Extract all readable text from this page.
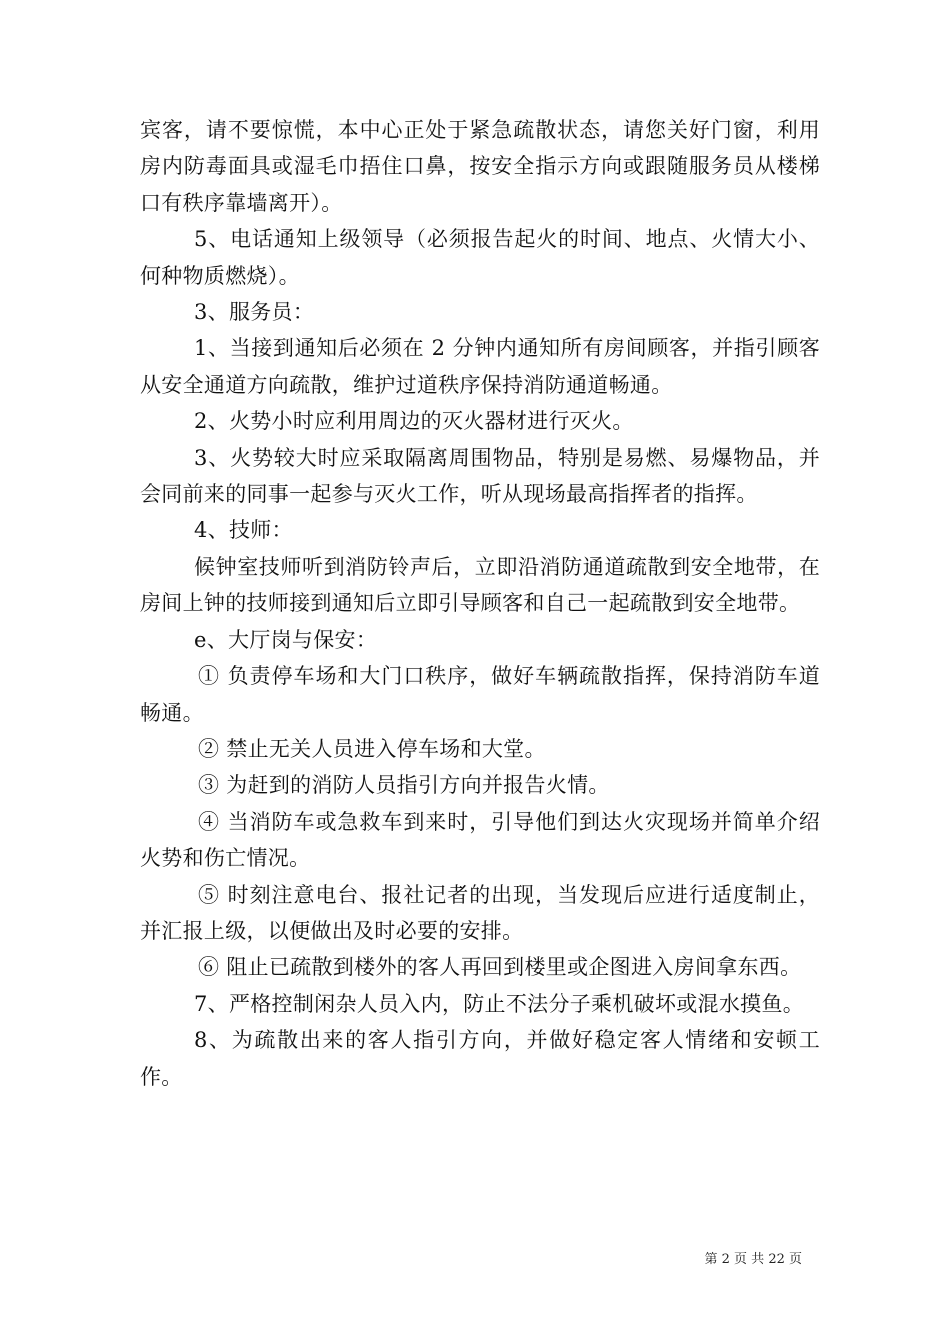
宾客，请不要惊慌，本中心正处于紧急疏散状态，请您关好门窗，利用房内防毒面具或湿毛巾捂住口鼻，按安全指示方向或跟随服务员从楼梯口有秩序靠墙离开）。

5、电话通知上级领导（必须报告起火的时间、地点、火情大小、何种物质燃烧）。

3、服务员：

1、当接到通知后必须在 2 分钟内通知所有房间顾客，并指引顾客从安全通道方向疏散，维护过道秩序保持消防通道畅通。

2、火势小时应利用周边的灭火器材进行灭火。

3、火势较大时应采取隔离周围物品，特别是易燃、易爆物品，并会同前来的同事一起参与灭火工作，听从现场最高指挥者的指挥。

4、技师：

候钟室技师听到消防铃声后，立即沿消防通道疏散到安全地带，在房间上钟的技师接到通知后立即引导顾客和自己一起疏散到安全地带。

e、大厅岗与保安：

① 负责停车场和大门口秩序，做好车辆疏散指挥，保持消防车道畅通。

② 禁止无关人员进入停车场和大堂。

③ 为赶到的消防人员指引方向并报告火情。

④ 当消防车或急救车到来时，引导他们到达火灾现场并简单介绍火势和伤亡情况。

⑤ 时刻注意电台、报社记者的出现，当发现后应进行适度制止，并汇报上级，以便做出及时必要的安排。

⑥ 阻止已疏散到楼外的客人再回到楼里或企图进入房间拿东西。

7、严格控制闲杂人员入内，防止不法分子乘机破坏或混水摸鱼。

8、为疏散出来的客人指引方向，并做好稳定客人情绪和安顿工作。

第 2 页 共 22 页
